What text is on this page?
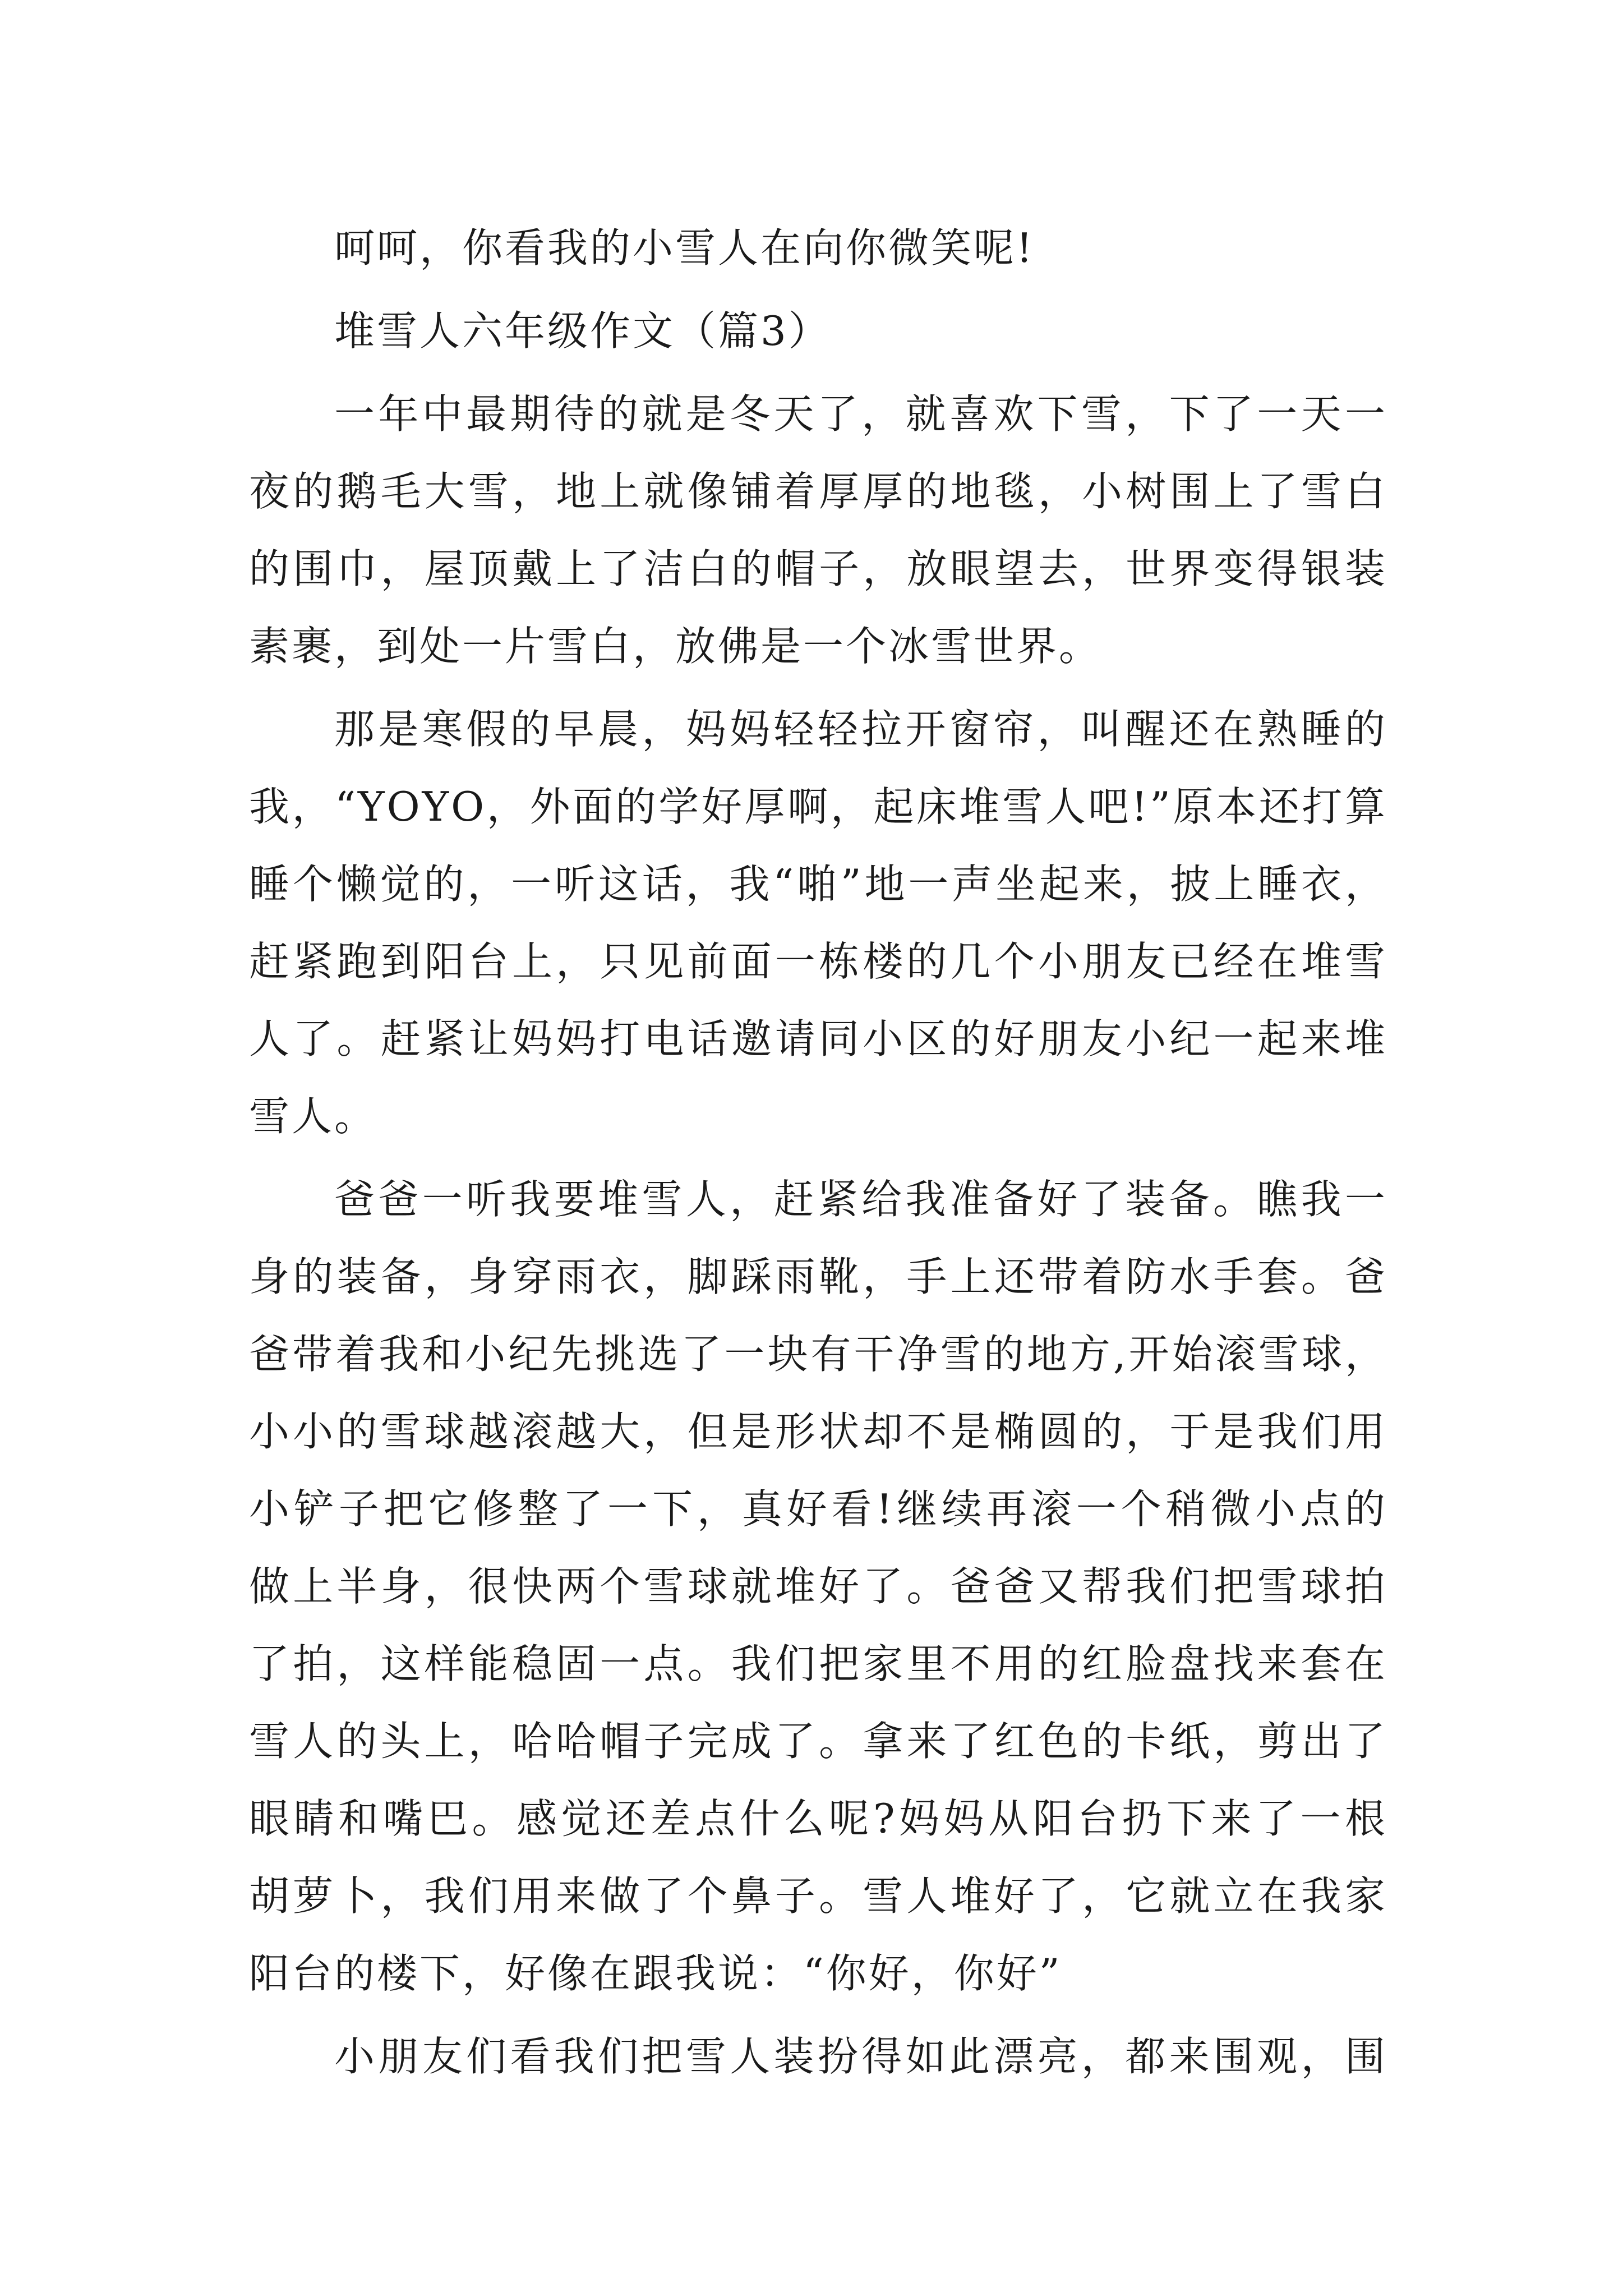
呵呵，你看我的小雪人在向你微笑呢!
堆雪人六年级作文（篇3）
一年中最期待的就是冬天了，就喜欢下雪，下了一天一
夜的鹅毛大雪，地上就像铺着厚厚的地毯，小树围上了雪白
的围巾，屋顶戴上了洁白的帽子，放眼望去，世界变得银装
素裹，到处一片雪白，放佛是一个冰雪世界。
那是寒假的早晨，妈妈轻轻拉开窗帘，叫醒还在熟睡的
我，“YOYO，外面的学好厚啊，起床堆雪人吧!”原本还打算
睡个懒觉的，一听这话，我“啪”地一声坐起来，披上睡衣，
赶紧跑到阳台上，只见前面一栋楼的几个小朋友已经在堆雪
人了。赶紧让妈妈打电话邀请同小区的好朋友小纪一起来堆
雪人。
爸爸一听我要堆雪人，赶紧给我准备好了装备。瞧我一
身的装备，身穿雨衣，脚踩雨靴，手上还带着防水手套。爸
爸带着我和小纪先挑选了一块有干净雪的地方,开始滚雪球，
小小的雪球越滚越大，但是形状却不是椭圆的，于是我们用
小铲子把它修整了一下，真好看!继续再滚一个稍微小点的
做上半身，很快两个雪球就堆好了。爸爸又帮我们把雪球拍
了拍，这样能稳固一点。我们把家里不用的红脸盘找来套在
雪人的头上，哈哈帽子完成了。拿来了红色的卡纸，剪出了
眼睛和嘴巴。感觉还差点什么呢?妈妈从阳台扔下来了一根
胡萝卜，我们用来做了个鼻子。雪人堆好了，它就立在我家
阳台的楼下，好像在跟我说：“你好，你好”
小朋友们看我们把雪人装扮得如此漂亮，都来围观，围
